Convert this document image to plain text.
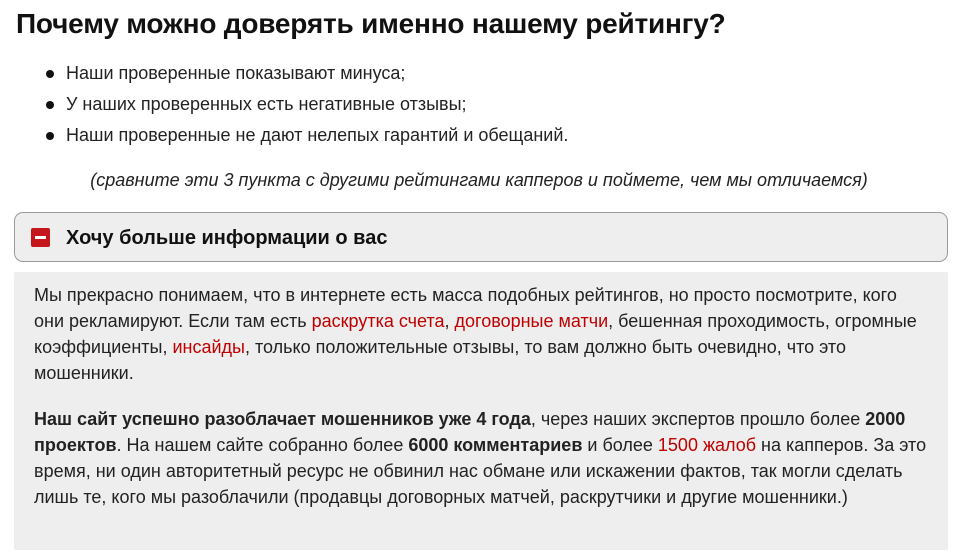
Почему можно доверять именно нашему рейтингу?
Наши проверенные показывают минуса;
У наших проверенных есть негативные отзывы;
Наши проверенные не дают нелепых гарантий и обещаний.
(сравните эти 3 пункта с другими рейтингами капперов и поймете, чем мы отличаемся)
Хочу больше информации о вас

Мы прекрасно понимаем, что в интернете есть масса подобных рейтингов, но просто посмотрите, кого они рекламируют. Если там есть раскрутка счета, договорные матчи, бешенная проходимость, огромные коэффициенты, инсайды, только положительные отзывы, то вам должно быть очевидно, что это мошенники.

Наш сайт успешно разоблачает мошенников уже 4 года, через наших экспертов прошло более 2000 проектов. На нашем сайте собранно более 6000 комментариев и более 1500 жалоб на капперов. За это время, ни один авторитетный ресурс не обвинил нас обмане или искажении фактов, так могли сделать лишь те, кого мы разоблачили (продавцы договорных матчей, раскрутчики и другие мошенники.)
